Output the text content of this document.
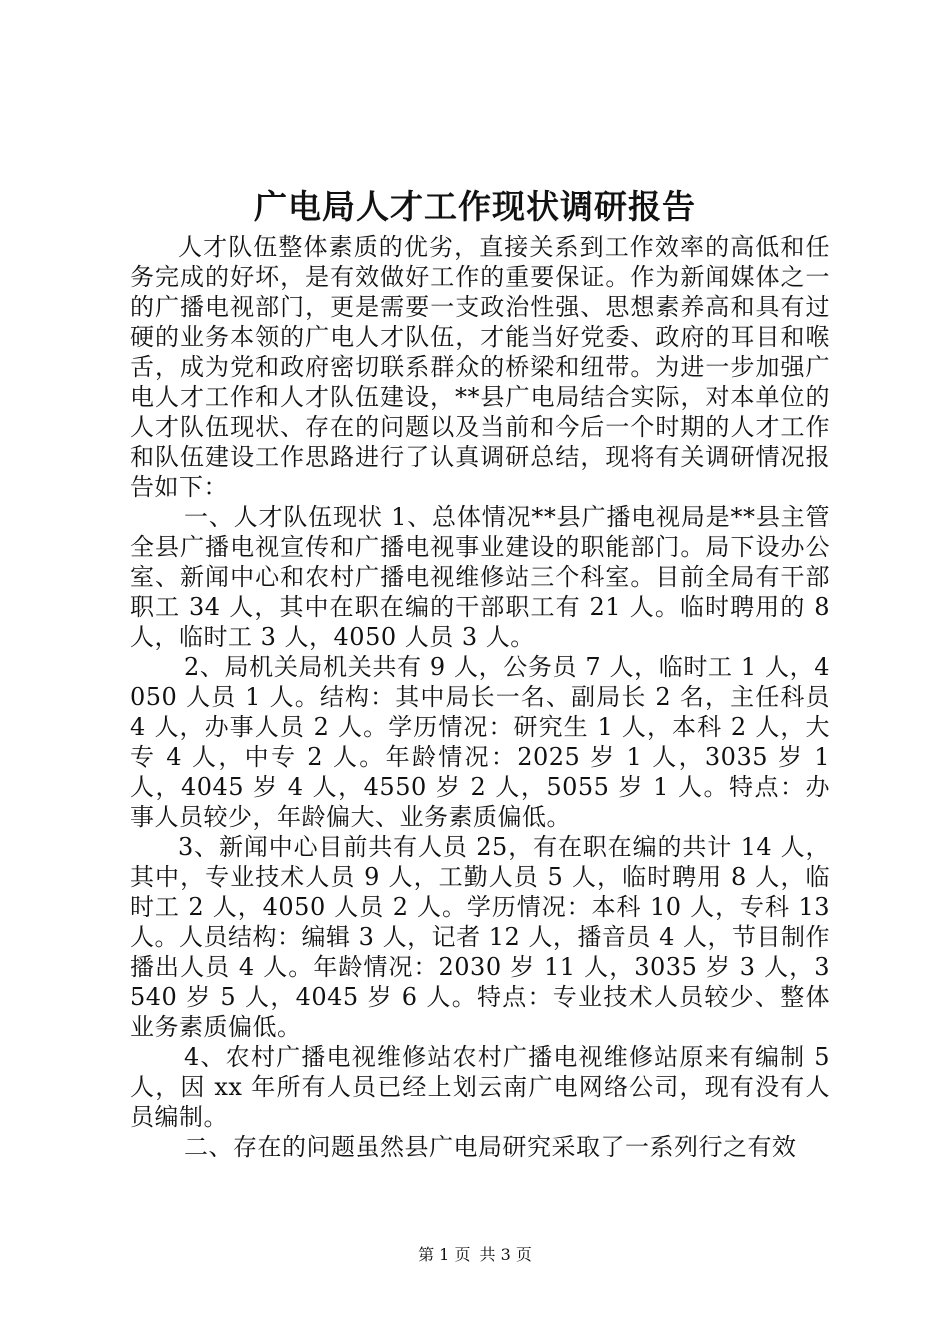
广电局人才工作现状调研报告

人才队伍整体素质的优劣，直接关系到工作效率的高低和任务完成的好坏，是有效做好工作的重要保证。作为新闻媒体之一的广播电视部门，更是需要一支政治性强、思想素养高和具有过硬的业务本领的广电人才队伍，才能当好党委、政府的耳目和喉舌，成为党和政府密切联系群众的桥梁和纽带。为进一步加强广电人才工作和人才队伍建设，**县广电局结合实际，对本单位的人才队伍现状、存在的问题以及当前和今后一个时期的人才工作和队伍建设工作思路进行了认真调研总结，现将有关调研情况报告如下：

一、人才队伍现状 1、总体情况**县广播电视局是**县主管全县广播电视宣传和广播电视事业建设的职能部门。局下设办公室、新闻中心和农村广播电视维修站三个科室。目前全局有干部职工 34 人，其中在职在编的干部职工有 21 人。临时聘用的 8 人，临时工 3 人，4050 人员 3 人。

2、局机关局机关共有 9 人，公务员 7 人，临时工 1 人，4050 人员 1 人。结构：其中局长一名、副局长 2 名，主任科员 4 人，办事人员 2 人。学历情况：研究生 1 人，本科 2 人，大专 4 人，中专 2 人。年龄情况：2025 岁 1 人，3035 岁 1 人，4045 岁 4 人，4550 岁 2 人，5055 岁 1 人。特点：办事人员较少，年龄偏大、业务素质偏低。

3、新闻中心目前共有人员 25，有在职在编的共计 14 人，其中，专业技术人员 9 人，工勤人员 5 人，临时聘用 8 人，临时工 2 人，4050 人员 2 人。学历情况：本科 10 人，专科 13 人。人员结构：编辑 3 人，记者 12 人，播音员 4 人，节目制作播出人员 4 人。年龄情况：2030 岁 11 人，3035 岁 3 人，3540 岁 5 人，4045 岁 6 人。特点：专业技术人员较少、整体业务素质偏低。

4、农村广播电视维修站农村广播电视维修站原来有编制 5 人，因 xx 年所有人员已经上划云南广电网络公司，现有没有人员编制。

二、存在的问题虽然县广电局研究采取了一系列行之有效

第 1 页 共 3 页
